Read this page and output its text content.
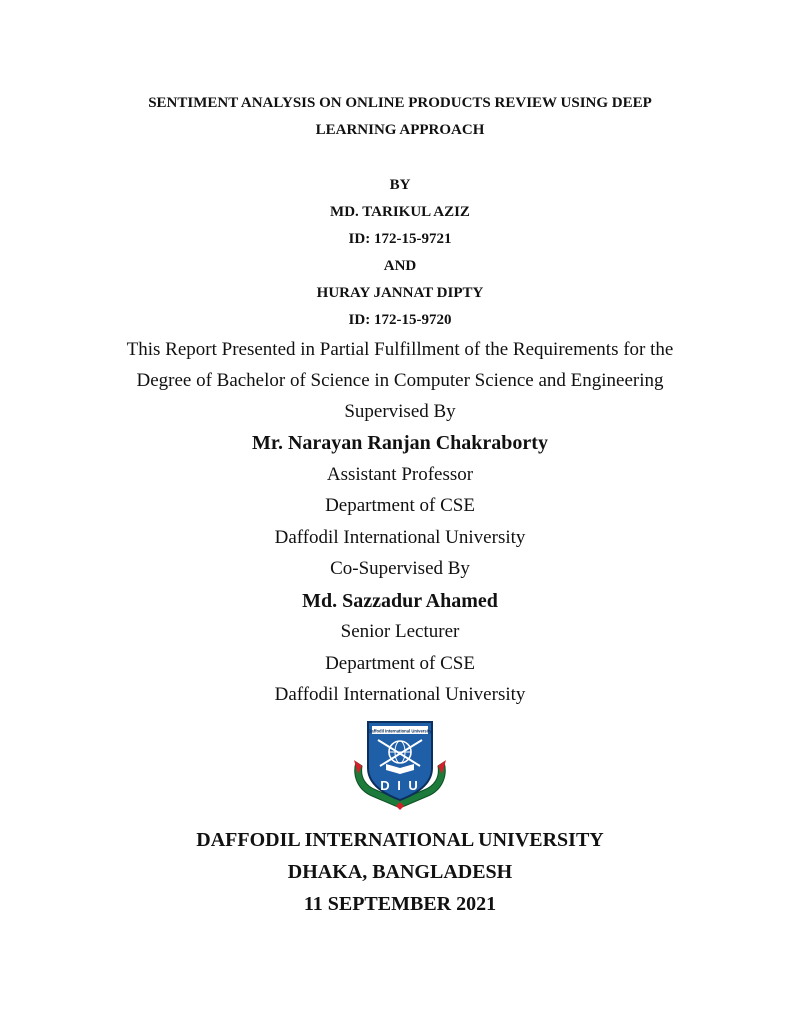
SENTIMENT ANALYSIS ON ONLINE PRODUCTS REVIEW USING DEEP
LEARNING APPROACH
BY
MD. TARIKUL AZIZ
ID: 172-15-9721
AND
HURAY JANNAT DIPTY
ID: 172-15-9720
This Report Presented in Partial Fulfillment of the Requirements for the
Degree of Bachelor of Science in Computer Science and Engineering
Supervised By
Mr. Narayan Ranjan Chakraborty
Assistant Professor
Department of CSE
Daffodil International University
Co-Supervised By
Md. Sazzadur Ahamed
Senior Lecturer
Department of CSE
Daffodil International University
Daffodil International University
D I U
DAFFODIL INTERNATIONAL UNIVERSITY
DHAKA, BANGLADESH
11 SEPTEMBER 2021
